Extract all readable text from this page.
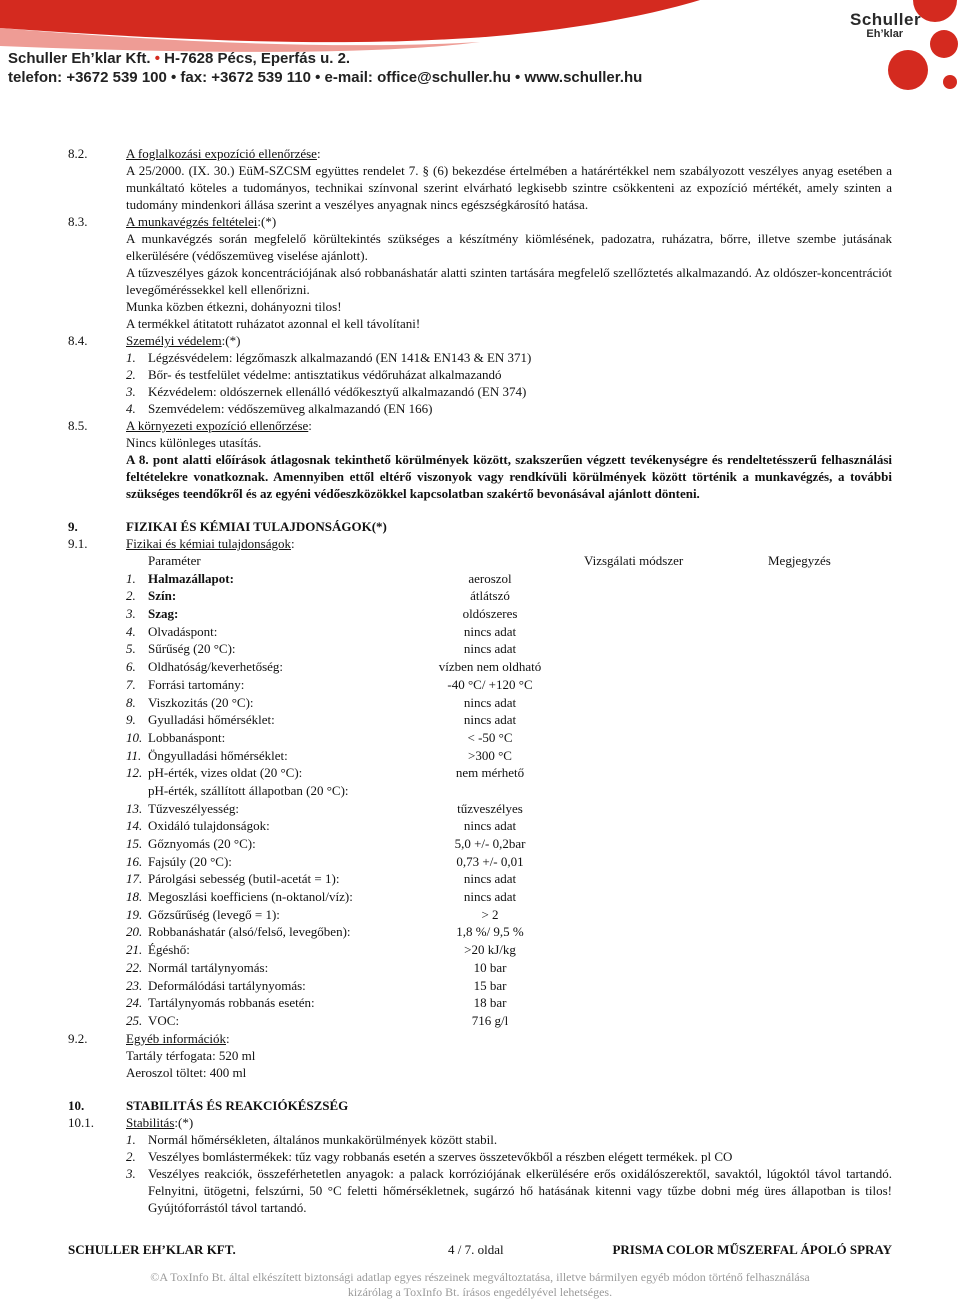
Schuller
Eh’klar
Schuller Eh’klar Kft. • H-7628 Pécs, Eperfás u. 2.
telefon: +3672 539 100 • fax: +3672 539 110 • e-mail: office@schuller.hu • www.schuller.hu
8.2.	A foglalkozási expozíció ellenőrzése:
A 25/2000. (IX. 30.) EüM-SZCSM együttes rendelet 7. § (6) bekezdése értelmében a határértékkel nem szabályozott veszélyes anyag esetében a munkáltató köteles a tudományos, technikai színvonal szerint elvárható legkisebb szintre csökkenteni az expozíció mértékét, amely szinten a tudomány mindenkori állása szerint a veszélyes anyagnak nincs egészségkárosító hatása.
8.3.	A munkavégzés feltételei:(*)
A munkavégzés során megfelelő körültekintés szükséges a készítmény kiömlésének, padozatra, ruházatra, bőrre, illetve szembe jutásának elkerülésére (védőszemüveg viselése ajánlott).
A tűzveszélyes gázok koncentrációjának alsó robbanáshatár alatti szinten tartására megfelelő szellőztetés alkalmazandó. Az oldószer-koncentrációt levegőméréssekkel kell ellenőrizni.
Munka közben étkezni, dohányozni tilos!
A termékkel átitatott ruházatot azonnal el kell távolítani!
8.4.	Személyi védelem:(*)
1. Légzésvédelem: légzőmaszk alkalmazandó (EN 141& EN143 & EN 371)
2. Bőr- és testfelület védelme: antisztatikus védőruházat alkalmazandó
3. Kézvédelem: oldószernek ellenálló védőkesztyű alkalmazandó (EN 374)
4. Szemvédelem: védőszemüveg alkalmazandó (EN 166)
8.5.	A környezeti expozíció ellenőrzése:
Nincs különleges utasítás.
A 8. pont alatti előírások átlagosnak tekinthető körülmények között, szakszerűen végzett tevékenységre és rendeltetésszerű felhasználási feltételekre vonatkoznak. Amennyiben ettől eltérő viszonyok vagy rendkívüli körülmények között történik a munkavégzés, a további szükséges teendőkről és az egyéni védőeszközökkel kapcsolatban szakértő bevonásával ajánlott dönteni.
9.	FIZIKAI ÉS KÉMIAI TULAJDONSÁGOK(*)
9.1.	Fizikai és kémiai tulajdonságok:
Paraméter	Vizsgálati módszer	Megjegyzés
1. Halmazállapot:	aeroszol
2. Szín:	átlátszó
3. Szag:	oldószeres
4. Olvadáspont:	nincs adat
5. Sűrűség (20 °C):	nincs adat
6. Oldhatóság/keverhetőség:	vízben nem oldható
7. Forrási tartomány:	-40 °C/ +120 °C
8. Viszkozitás (20 °C):	nincs adat
9. Gyulladási hőmérséklet:	nincs adat
10. Lobbanáspont:	< -50 °C
11. Öngyulladási hőmérséklet:	>300 °C
12. pH-érték, vizes oldat (20 °C):	nem mérhető
pH-érték, szállított állapotban (20 °C):
13. Tűzveszélyesség:	tűzveszélyes
14. Oxidáló tulajdonságok:	nincs adat
15. Gőznyomás (20 °C):	5,0 +/- 0,2bar
16. Fajsúly (20 °C):	0,73 +/- 0,01
17. Párolgási sebesség (butil-acetát = 1):	nincs adat
18. Megoszlási koefficiens (n-oktanol/víz):	nincs adat
19. Gőzsűrűség (levegő = 1):	> 2
20. Robbanáshatár (alsó/felső, levegőben):	1,8 %/ 9,5 %
21. Égéshő:	>20 kJ/kg
22. Normál tartálynyomás:	10 bar
23. Deformálódási tartálynyomás:	15 bar
24. Tartálynyomás robbanás esetén:	18 bar
25. VOC:	716 g/l
9.2.	Egyéb információk:
Tartály térfogata: 520 ml
Aeroszol töltet: 400 ml
10.	STABILITÁS ÉS REAKCIÓKÉSZSÉG
10.1.	Stabilitás:(*)
1. Normál hőmérsékleten, általános munkakörülmények között stabil.
2. Veszélyes bomlástermékek: tűz vagy robbanás esetén a szerves összetevőkből a részben elégett termékek. pl CO
3. Veszélyes reakciók, összeférhetetlen anyagok: a palack korróziójának elkerülésére erős oxidálószerektől, savaktól, lúgoktól távol tartandó. Felnyitni, ütögetni, felszúrni, 50 °C feletti hőmérsékletnek, sugárzó hő hatásának kitenni vagy tűzbe dobni még üres állapotban is tilos! Gyújtóforrástól távol tartandó.
SCHULLER EH’KLAR KFT.	4 / 7. oldal	PRISMA COLOR MŰSZERFAL ÁPOLÓ SPRAY
©A ToxInfo Bt. által elkészített biztonsági adatlap egyes részeinek megváltoztatása, illetve bármilyen egyéb módon történő felhasználása
kizárólag a ToxInfo Bt. írásos engedélyével lehetséges.
